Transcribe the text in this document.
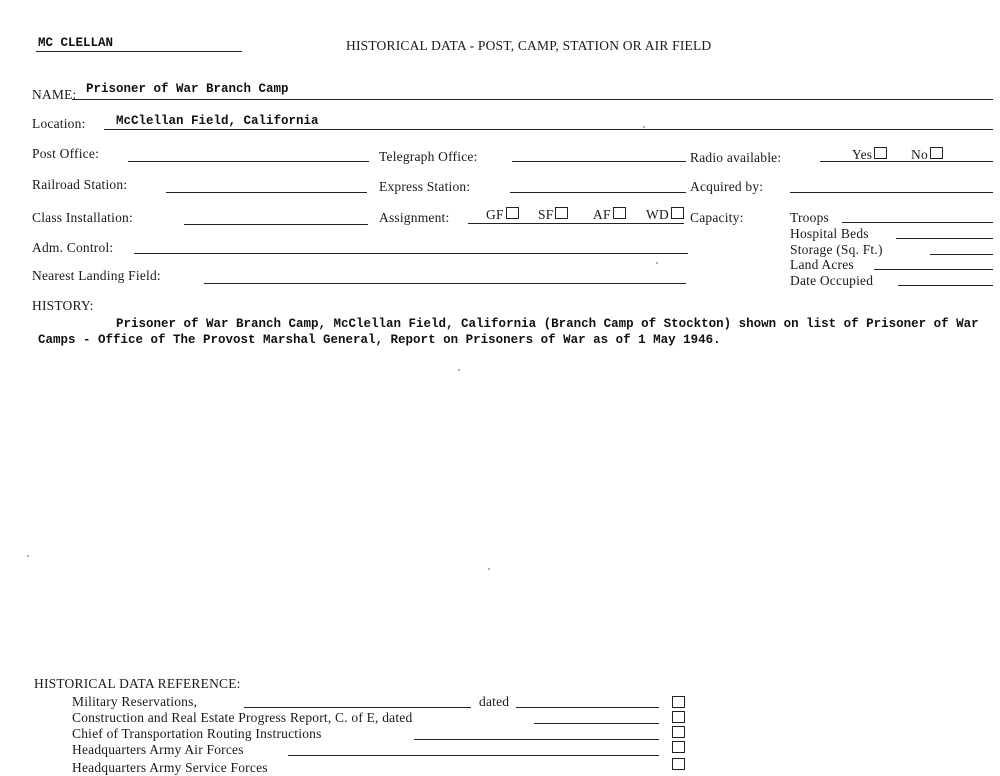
MC CLELLAN	HISTORICAL DATA - POST, CAMP, STATION OR AIR FIELD
NAME: Prisoner of War Branch Camp
Location: McClellan Field, California
Post Office:	Telegraph Office:	Radio available:	Yes	No
Railroad Station:	Express Station:	Acquired by:
Class Installation:	Assignment:	GF	SF	AF	WD	Capacity:	Troops
Hospital Beds
Storage (Sq. Ft.)
Land Acres
Date Occupied
Adm. Control:
Nearest Landing Field:
HISTORY:
Prisoner of War Branch Camp, McClellan Field, California (Branch Camp of Stockton) shown on list of Prisoner of War Camps - Office of The Provost Marshal General, Report on Prisoners of War as of 1 May 1946.
HISTORICAL DATA REFERENCE:
Military Reservations,	dated
Construction and Real Estate Progress Report, C. of E, dated
Chief of Transportation Routing Instructions
Headquarters Army Air Forces
Headquarters Army Service Forces
